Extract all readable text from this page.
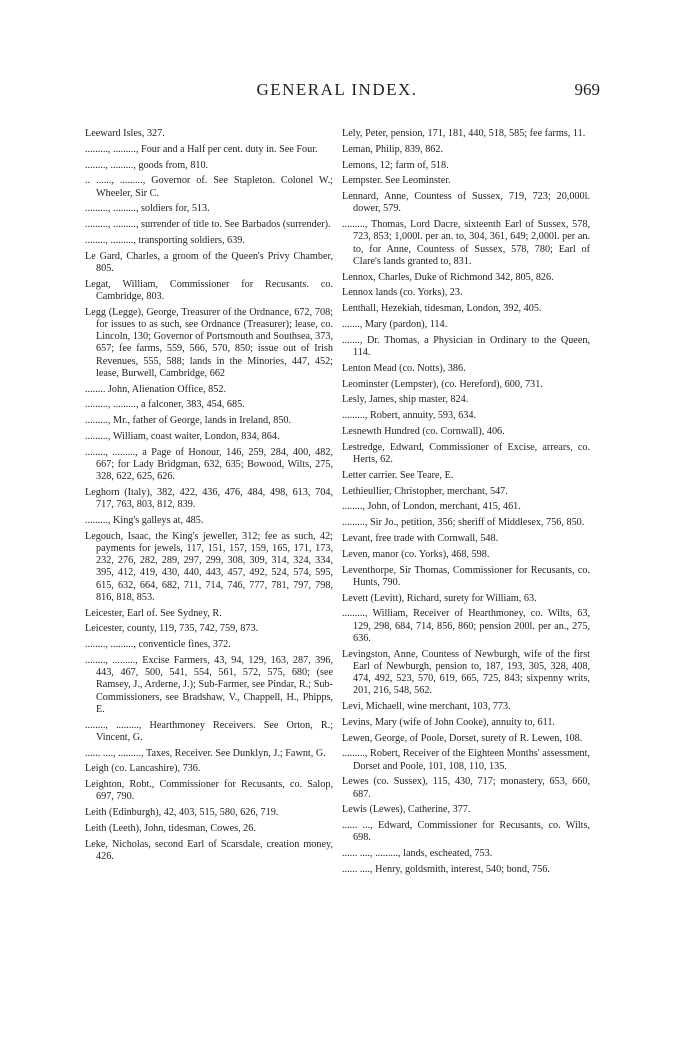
GENERAL INDEX.	969
Leeward Isles, 327.
........., ........., Four and a Half per cent. duty in. See Four.
........, ........., goods from, 810.
.. ......, ........., Governor of. See Stapleton. Colonel W.; Wheeler, Sir C.
........., ........., soldiers for, 513.
........., ........., surrender of title to. See Barbados (surrender).
........, ........., transporting soldiers, 639.
Le Gard, Charles, a groom of the Queen's Privy Chamber, 805.
Legat, William, Commissioner for Recusants. co. Cambridge, 803.
Legg (Legge), George, Treasurer of the Ordnance, 672, 708; for issues to as such, see Ordnance (Treasurer); lease, co. Lincoln, 130; Governor of Portsmouth and Southsea, 373, 657; fee farms, 559, 566, 570, 850; issue out of Irish Revenues, 555, 588; lands in the Minories, 447, 452; lease, Burwell, Cambridge, 662
........ John, Alienation Office, 852.
........., ........., a falconer, 383, 454, 685.
........., Mr., father of George, lands in Ireland, 850.
........., William, coast waiter, London, 834, 864.
........, ........., a Page of Honour, 146, 259, 284, 400, 482, 667; for Lady Bridgman, 632, 635; Bowood, Wilts, 275, 328, 622, 625, 626.
Leghorn (Italy), 382, 422, 436, 476, 484, 498, 613, 704, 717, 763, 803, 812, 839.
........., King's galleys at, 485.
Legouch, Isaac, the King's jeweller, 312; fee as such, 42; payments for jewels, 117, 151, 157, 159, 165, 171, 173, 232, 276, 282, 289, 297, 299, 308, 309, 314, 324, 334, 395, 412, 419, 430, 440, 443, 457, 492, 524, 574, 595, 615, 632, 664, 682, 711, 714, 746, 777, 781, 797, 798, 816, 818, 853.
Leicester, Earl of. See Sydney, R.
Leicester, county, 119, 735, 742, 759, 873.
........, ........., conventicle fines, 372.
........, ........., Excise Farmers, 43, 94, 129, 163, 287, 396, 443, 467, 500, 541, 554, 561, 572, 575, 680; (see Ramsey, J., Arderne, J.); Sub-Farmer, see Pindar, R.; Sub-Commissioners, see Bradshaw, V., Chappell, H., Phipps, E.
........, ........., Hearthmoney Receivers. See Orton, R.; Vincent, G.
...... ...., ........., Taxes, Receiver. See Dunklyn, J.; Fawnt, G.
Leigh (co. Lancashire), 736.
Leighton, Robt., Commissioner for Recusants, co. Salop, 697, 790.
Leith (Edinburgh), 42, 403, 515, 580, 626, 719.
Leith (Leeth), John, tidesman, Cowes, 26.
Leke, Nicholas, second Earl of Scarsdale, creation money, 426.
Lely, Peter, pension, 171, 181, 440, 518, 585; fee farms, 11.
Leman, Philip, 839, 862.
Lemons, 12; farm of, 518.
Lempster. See Leominster.
Lennard, Anne, Countess of Sussex, 719, 723; 20,000l. dower, 579.
........., Thomas, Lord Dacre, sixteenth Earl of Sussex, 578, 723, 853; 1,000l. per an. to, 304, 361, 649; 2,000l. per an. to, for Anne, Countess of Sussex, 578, 780; Earl of Clare's lands granted to, 831.
Lennox, Charles, Duke of Richmond 342, 805, 826.
Lennox lands (co. Yorks), 23.
Lenthall, Hezekiah, tidesman, London, 392, 405.
......., Mary (pardon), 114.
......., Dr. Thomas, a Physician in Ordinary to the Queen, 114.
Lenton Mead (co. Notts), 386.
Leominster (Lempster), (co. Hereford), 600, 731.
Lesly, James, ship master, 824.
........., Robert, annuity, 593, 634.
Lesnewth Hundred (co. Cornwall), 406.
Lestredge, Edward, Commissioner of Excise, arrears, co. Herts, 62.
Letter carrier. See Teare, E.
Lethieullier, Christopher, merchant, 547.
........, John, of London, merchant, 415, 461.
........., Sir Jo., petition, 356; sheriff of Middlesex, 756, 850.
Levant, free trade with Cornwall, 548.
Leven, manor (co. Yorks), 468, 598.
Leventhorpe, Sir Thomas, Commissioner for Recusants, co. Hunts, 790.
Levett (Levitt), Richard, surety for William, 63.
........., William, Receiver of Hearthmoney, co. Wilts, 63, 129, 298, 684, 714, 856, 860; pension 200l. per an., 275, 636.
Levingston, Anne, Countess of Newburgh, wife of the first Earl of Newburgh, pension to, 187, 193, 305, 328, 408, 474, 492, 523, 570, 619, 665, 725, 843; sixpenny writs, 201, 216, 548, 562.
Levi, Michaell, wine merchant, 103, 773.
Levins, Mary (wife of John Cooke), annuity to, 611.
Lewen, George, of Poole, Dorset, surety of R. Lewen, 108.
........., Robert, Receiver of the Eighteen Months' assessment, Dorset and Poole, 101, 108, 110, 135.
Lewes (co. Sussex), 115, 430, 717; monastery, 653, 660, 687.
Lewis (Lewes), Catherine, 377.
...... ..., Edward, Commissioner for Recusants, co. Wilts, 698.
...... ...., ........., lands, escheated, 753.
...... ...., Henry, goldsmith, interest, 540; bond, 756.
